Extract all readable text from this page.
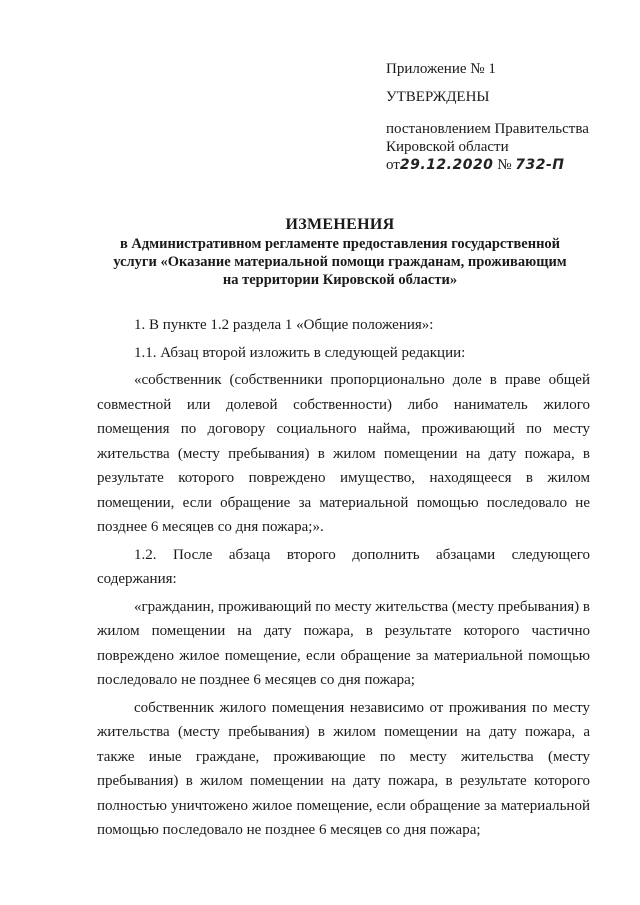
Приложение № 1
УТВЕРЖДЕНЫ
постановлением Правительства
Кировской области
от29.12.2020 № 732-П
ИЗМЕНЕНИЯ
в Административном регламенте предоставления государственной
услуги «Оказание материальной помощи гражданам, проживающим
на территории Кировской области»

1. В пункте 1.2 раздела 1 «Общие положения»:

1.1. Абзац второй изложить в следующей редакции:

«собственник (собственники пропорционально доле в праве общей совместной или долевой собственности) либо наниматель жилого помещения по договору социального найма, проживающий по месту жительства (месту пребывания) в жилом помещении на дату пожара, в результате которого повреждено имущество, находящееся в жилом помещении, если обращение за материальной помощью последовало не позднее 6 месяцев со дня пожара;».

1.2. После абзаца второго дополнить абзацами следующего содержания:

«гражданин, проживающий по месту жительства (месту пребывания) в жилом помещении на дату пожара, в результате которого частично повреждено жилое помещение, если обращение за материальной помощью последовало не позднее 6 месяцев со дня пожара;

собственник жилого помещения независимо от проживания по месту жительства (месту пребывания) в жилом помещении на дату пожара, а также иные граждане, проживающие по месту жительства (месту пребывания) в жилом помещении на дату пожара, в результате которого полностью уничтожено жилое помещение, если обращение за материальной помощью последовало не позднее 6 месяцев со дня пожара;
